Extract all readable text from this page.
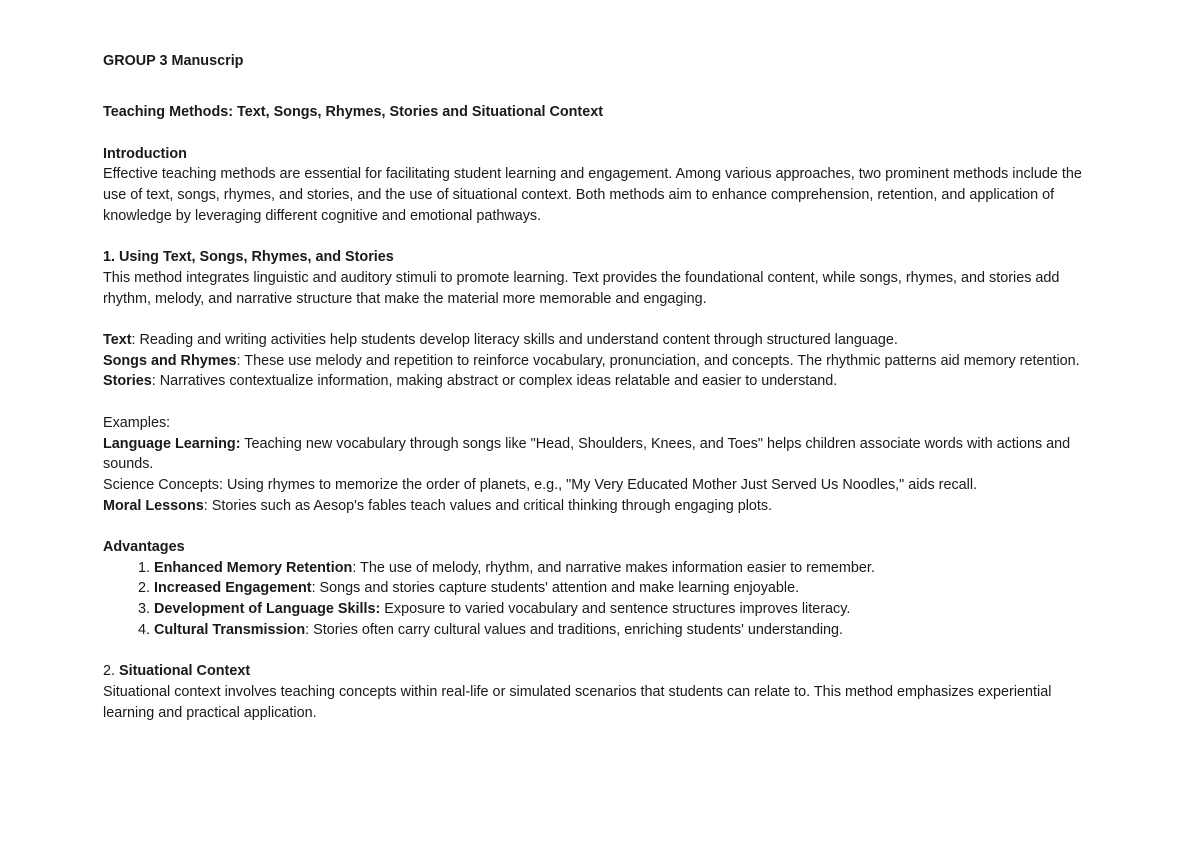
GROUP 3 Manuscrip

Teaching Methods: Text, Songs, Rhymes, Stories and Situational Context

Introduction

Effective teaching methods are essential for facilitating student learning and engagement. Among various approaches, two prominent methods include the use of text, songs, rhymes, and stories, and the use of situational context. Both methods aim to enhance comprehension, retention, and application of knowledge by leveraging different cognitive and emotional pathways.

1. Using Text, Songs, Rhymes, and Stories

This method integrates linguistic and auditory stimuli to promote learning. Text provides the foundational content, while songs, rhymes, and stories add rhythm, melody, and narrative structure that make the material more memorable and engaging.

Text: Reading and writing activities help students develop literacy skills and understand content through structured language.

Songs and Rhymes: These use melody and repetition to reinforce vocabulary, pronunciation, and concepts. The rhythmic patterns aid memory retention.

Stories: Narratives contextualize information, making abstract or complex ideas relatable and easier to understand.

Examples:

Language Learning: Teaching new vocabulary through songs like "Head, Shoulders, Knees, and Toes" helps children associate words with actions and sounds.

Science Concepts: Using rhymes to memorize the order of planets, e.g., "My Very Educated Mother Just Served Us Noodles," aids recall.

Moral Lessons: Stories such as Aesop's fables teach values and critical thinking through engaging plots.

Advantages

1. Enhanced Memory Retention: The use of melody, rhythm, and narrative makes information easier to remember.
2. Increased Engagement: Songs and stories capture students' attention and make learning enjoyable.
3. Development of Language Skills: Exposure to varied vocabulary and sentence structures improves literacy.
4. Cultural Transmission: Stories often carry cultural values and traditions, enriching students' understanding.

2. Situational Context

Situational context involves teaching concepts within real-life or simulated scenarios that students can relate to. This method emphasizes experiential learning and practical application.
